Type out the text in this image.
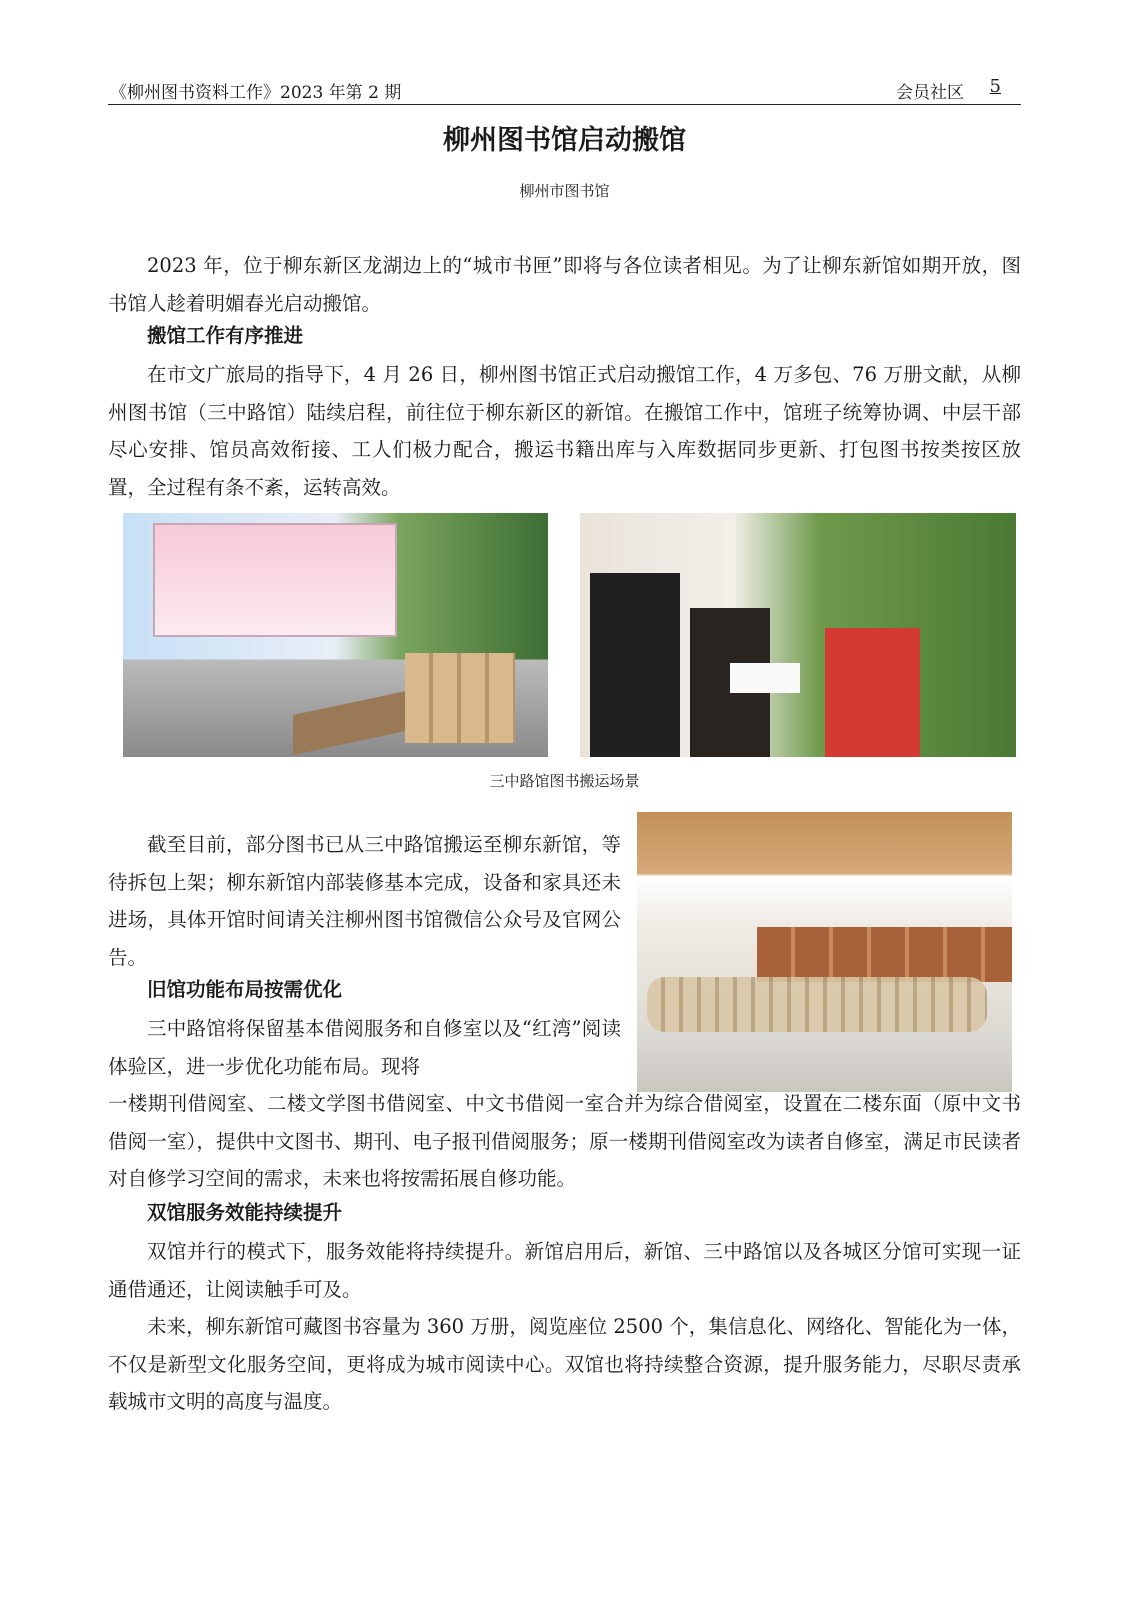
《柳州图书资料工作》2023 年第 2 期	会员社区 5
柳州图书馆启动搬馆
柳州市图书馆

2023 年，位于柳东新区龙湖边上的“城市书匣”即将与各位读者相见。为了让柳东新馆如期开放，图书馆人趁着明媚春光启动搬馆。

搬馆工作有序推进

在市文广旅局的指导下，4 月 26 日，柳州图书馆正式启动搬馆工作，4 万多包、76 万册文献，从柳州图书馆（三中路馆）陆续启程，前往位于柳东新区的新馆。在搬馆工作中，馆班子统筹协调、中层干部尽心安排、馆员高效衔接、工人们极力配合，搬运书籍出库与入库数据同步更新、打包图书按类按区放置，全过程有条不紊，运转高效。

三中路馆图书搬运场景

截至目前，部分图书已从三中路馆搬运至柳东新馆，等待拆包上架；柳东新馆内部装修基本完成，设备和家具还未进场，具体开馆时间请关注柳州图书馆微信公众号及官网公告。

旧馆功能布局按需优化

三中路馆将保留基本借阅服务和自修室以及“红湾”阅读体验区，进一步优化功能布局。现将

一楼期刊借阅室、二楼文学图书借阅室、中文书借阅一室合并为综合借阅室，设置在二楼东面（原中文书借阅一室），提供中文图书、期刊、电子报刊借阅服务；原一楼期刊借阅室改为读者自修室，满足市民读者对自修学习空间的需求，未来也将按需拓展自修功能。

双馆服务效能持续提升

双馆并行的模式下，服务效能将持续提升。新馆启用后，新馆、三中路馆以及各城区分馆可实现一证通借通还，让阅读触手可及。

未来，柳东新馆可藏图书容量为 360 万册，阅览座位 2500 个，集信息化、网络化、智能化为一体，不仅是新型文化服务空间，更将成为城市阅读中心。双馆也将持续整合资源，提升服务能力，尽职尽责承载城市文明的高度与温度。
